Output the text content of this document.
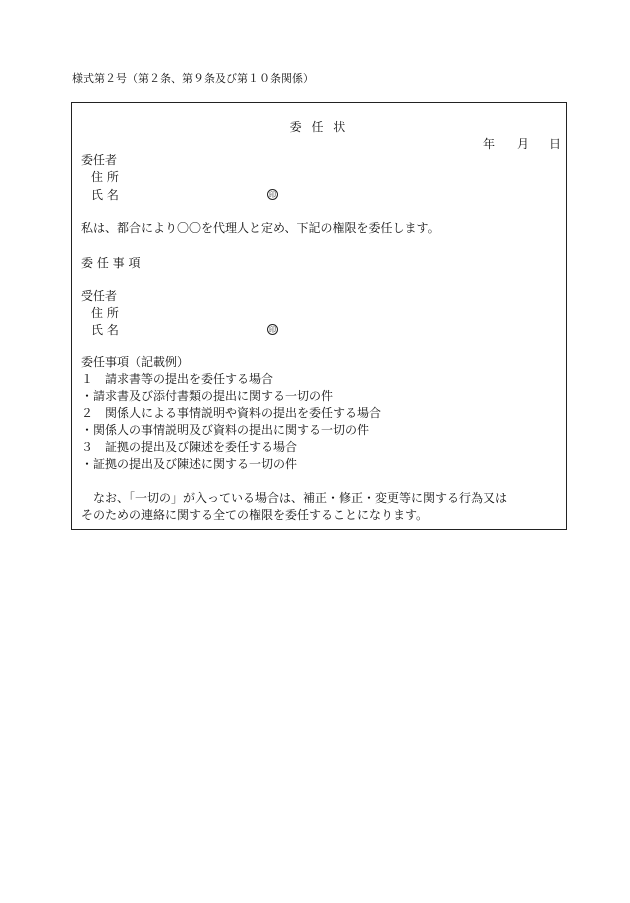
様式第２号（第２条、第９条及び第１０条関係）
委 任 状
年 月 日
委任者
住 所
氏 名	印
私は、都合により〇〇を代理人と定め、下記の権限を委任します。
委 任 事 項
受任者
住 所
氏 名	印
委任事項（記載例）
１　請求書等の提出を委任する場合
・請求書及び添付書類の提出に関する一切の件
２　関係人による事情説明や資料の提出を委任する場合
・関係人の事情説明及び資料の提出に関する一切の件
３　証拠の提出及び陳述を委任する場合
・証拠の提出及び陳述に関する一切の件
　なお、「一切の」が入っている場合は、補正・修正・変更等に関する行為又は
そのための連絡に関する全ての権限を委任することになります。
